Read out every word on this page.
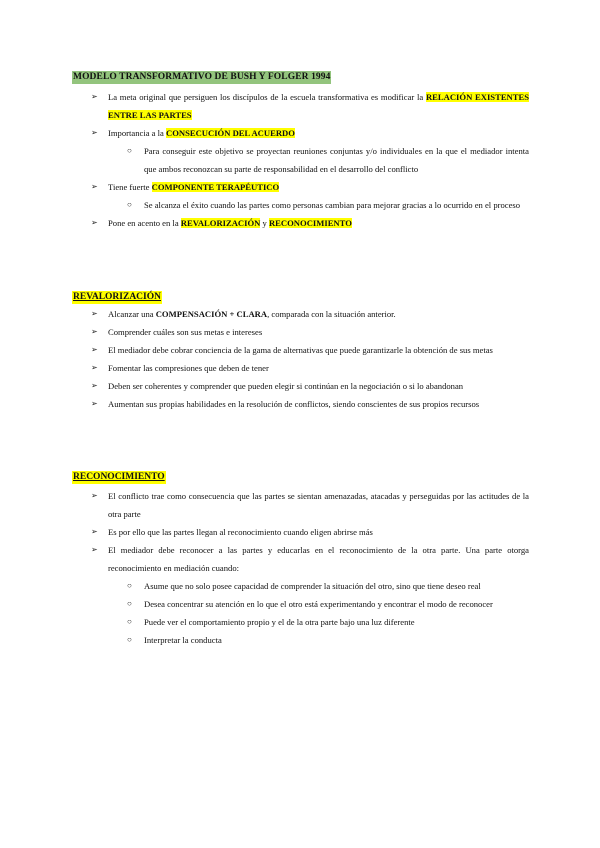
MODELO TRANSFORMATIVO DE BUSH Y FOLGER 1994
➢ La meta original que persiguen los discípulos de la escuela transformativa es modificar la RELACIÓN EXISTENTES ENTRE LAS PARTES
➢ Importancia a la CONSECUCIÓN DEL ACUERDO
○ Para conseguir este objetivo se proyectan reuniones conjuntas y/o individuales en la que el mediador intenta que ambos reconozcan su parte de responsabilidad en el desarrollo del conflicto
➢ Tiene fuerte COMPONENTE TERAPÉUTICO
○ Se alcanza el éxito cuando las partes como personas cambian para mejorar gracias a lo ocurrido en el proceso
➢ Pone en acento en la REVALORIZACIÓN y RECONOCIMIENTO
REVALORIZACIÓN
➢ Alcanzar una COMPENSACIÓN + CLARA, comparada con la situación anterior.
➢ Comprender cuáles son sus metas e intereses
➢ El mediador debe cobrar conciencia de la gama de alternativas que puede garantizarle la obtención de sus metas
➢ Fomentar las compresiones que deben de tener
➢ Deben ser coherentes y comprender que pueden elegir si continúan en la negociación o si lo abandonan
➢ Aumentan sus propias habilidades en la resolución de conflictos, siendo conscientes de sus propios recursos
RECONOCIMIENTO
➢ El conflicto trae como consecuencia que las partes se sientan amenazadas, atacadas y perseguidas por las actitudes de la otra parte
➢ Es por ello que las partes llegan al reconocimiento cuando eligen abrirse más
➢ El mediador debe reconocer a las partes y educarlas en el reconocimiento de la otra parte. Una parte otorga reconocimiento en mediación cuando:
○ Asume que no solo posee capacidad de comprender la situación del otro, sino que tiene deseo real
○ Desea concentrar su atención en lo que el otro está experimentando y encontrar el modo de reconocer
○ Puede ver el comportamiento propio y el de la otra parte bajo una luz diferente
○ Interpretar la conducta
